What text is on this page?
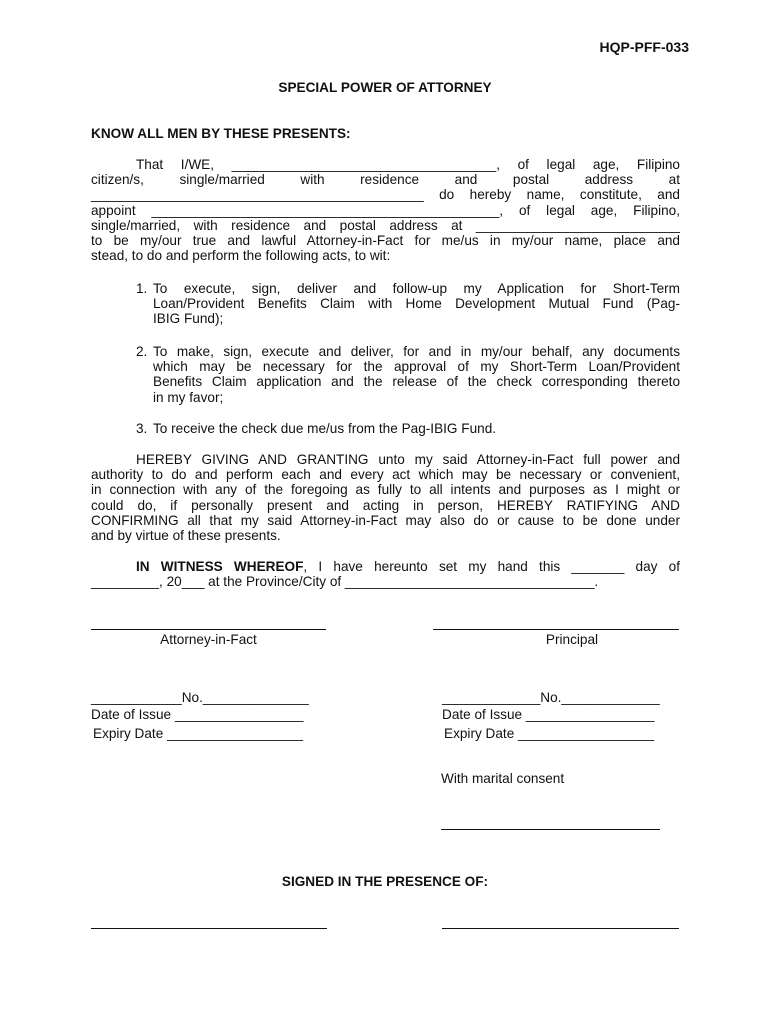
HQP-PFF-033
SPECIAL POWER OF ATTORNEY
KNOW ALL MEN BY THESE PRESENTS:
That I/WE, ___________________________________, of legal age, Filipino
citizen/s, single/married with residence and postal address at
____________________________________________ do hereby name, constitute, and
appoint ______________________________________________, of legal age, Filipino,
single/married, with residence and postal address at ___________________________
to be my/our true and lawful Attorney-in-Fact for me/us in my/our name, place and
stead, to do and perform the following acts, to wit:
1. To execute, sign, deliver and follow-up my Application for Short-Term
Loan/Provident Benefits Claim with Home Development Mutual Fund (Pag-
IBIG Fund);
2. To make, sign, execute and deliver, for and in my/our behalf, any documents
which may be necessary for the approval of my Short-Term Loan/Provident
Benefits Claim application and the release of the check corresponding thereto
in my favor;
3. To receive the check due me/us from the Pag-IBIG Fund.
HEREBY GIVING AND GRANTING unto my said Attorney-in-Fact full power and
authority to do and perform each and every act which may be necessary or convenient,
in connection with any of the foregoing as fully to all intents and purposes as I might or
could do, if personally present and acting in person, HEREBY RATIFYING AND
CONFIRMING all that my said Attorney-in-Fact may also do or cause to be done under
and by virtue of these presents.
IN WITNESS WHEREOF, I have hereunto set my hand this _______ day of
_________, 20___ at the Province/City of _________________________________.
Attorney-in-Fact	Principal
____________No.______________
Date of Issue _________________
Expiry Date __________________
_____________No._____________
Date of Issue _________________
Expiry Date __________________
With marital consent
SIGNED IN THE PRESENCE OF:
